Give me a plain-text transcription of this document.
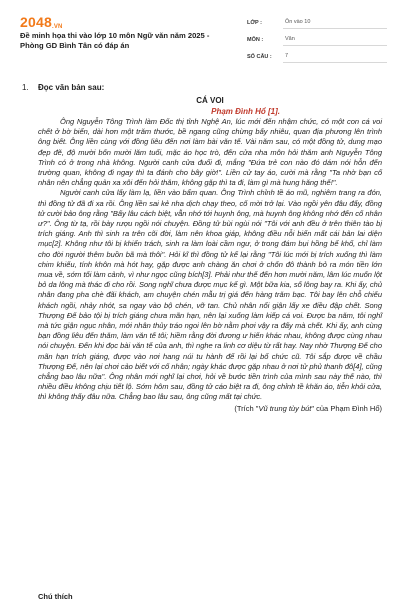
2048.VN
Đề minh họa thi vào lớp 10 môn Ngữ văn năm 2025 - Phòng GD Bình Tân có đáp án
LỚP :	Ôn vào 10
MÔN :	Văn
SỐ CÂU :	7
1. Đọc văn bản sau:
CÁ VOI
Phạm Đình Hổ [1].

Ông Nguyễn Tông Trình làm Đốc thị tỉnh Nghệ An, lúc mới đến nhậm chức, có một con cá voi chết ở bờ biển, dài hơn một trăm thước, bề ngang cũng chừng bấy nhiêu, quan địa phương lên trình ông biết. Ông liền cùng với đồng liêu đến nơi làm bài văn tế. Vài năm sau, có một đồng tử, dung mạo đẹp đẽ, độ mười bốn mười lăm tuổi, mặc áo học trò, đến cửa nha môn hỏi thăm anh Nguyễn Tông Trình có ở trong nhà không. Người canh cửa đuổi đi, mắng "Đứa trẻ con nào đó dám nói hỗn đến trường quan, không đi ngay thì ta đánh cho bây giờ!". Liền cử tay áo, cười mà rằng "Ta nhờ bạn cố nhân nên chẳng quản xa xôi đến hỏi thăm, không gặp thì ta đi, làm gì mà hung hăng thế!".

Người canh cửa lấy làm lạ, liền vào bẩm quan. Ông Trình chỉnh tề áo mũ, nghiêm trang ra đón, thì đồng tử đã đi xa rồi. Ông liền sai kẻ nha dịch chạy theo, cố mời trở lại. Vào ngồi yên đâu đấy, đồng tử cười bảo ông rằng "Bấy lâu cách biệt, vẫn nhớ tới huynh ông, mà huynh ông không nhớ đến cố nhân ư?". Ông từ tạ, rồi bày rượu ngồi nói chuyện. Đồng tử bùi ngùi nói "Tôi với anh đều ở trên thiên tào bị trích giáng. Anh thì sinh ra trên cõi đời, làm nên khoa giáp, không điều nỗi biển mất cái bản lai diện mục[2]. Không như tôi bị khiển trách, sinh ra làm loài cầm ngư, ở trong đám bụi hồng bể khổ, chỉ làm cho đời người thêm buồn bã mà thôi". Hỏi kĩ thì đồng tử kể lại rằng "Tôi lúc mới bị trích xuống thì làm chim khiếu, tính khôn mà hót hay, gặp được anh chàng ăn chơi ở chốn đô thành bỏ ra món tiền lớn mua về, sớm tối làm cảnh, vì như ngọc cũng bích[3]. Phải như thế đến hơn mười năm, lâm lúc muốn lột bỏ da lông mà thác đi cho rồi. Song nghĩ chưa được mục kể gì. Một bữa kia, số lông bay ra. Khi ấy, chủ nhân đang pha chè đãi khách, am chuyện chén mẫu trị giá đến hàng trăm bạc. Tôi bay lên chỗ chiếu khách ngồi, nhảy nhót, sa ngay vào bộ chén, vỡ tan. Chủ nhân nổi giận lấy xe điều đập chết. Song Thượng Đế bảo tội bị trích giáng chưa mãn hạn, nên lại xuống làm kiếp cá voi. Được ba năm, tôi nghĩ mà tức giận ngục nhân, mới nhân thủy tráo ngoi lên bờ nằm phơi vậy ra đấy mà chết. Khi ấy, anh cùng bạn đồng liêu đến thăm, làm văn tế tôi; hiềm rằng đời đương ư hiến khác nhau, không được cùng nhau nói chuyện. Đến khi đọc bài văn tế của anh, thì nghe ra linh cơ diệu từ rất hay. Nay nhờ Thượng Đế cho mãn hạn trích giáng, được vào nơi hang núi tu hành để rồi lại bổ chức cũ. Tôi sắp được về chầu Thượng Đế, nên lại chơi cảo biết với cố nhân; ngày khác được gặp nhau ở nơi tử phủ thanh đô[4], cũng chẳng bao lâu nữa". Ông nhân mới nghĩ lại chơi, hỏi về bước tiền trình của mình sau này thế nào, thì nhiều điều không chịu tiết lộ. Sớm hôm sau, đồng tử cáo biệt ra đi, ông chỉnh tề khăn áo, tiễn khỏi cửa, thì không thấy đâu nữa. Chẳng bao lâu sau, ông cũng mất tại chức.

(Trích "Vũ trung tùy bút" của Phạm Đình Hổ)
Chú thích
